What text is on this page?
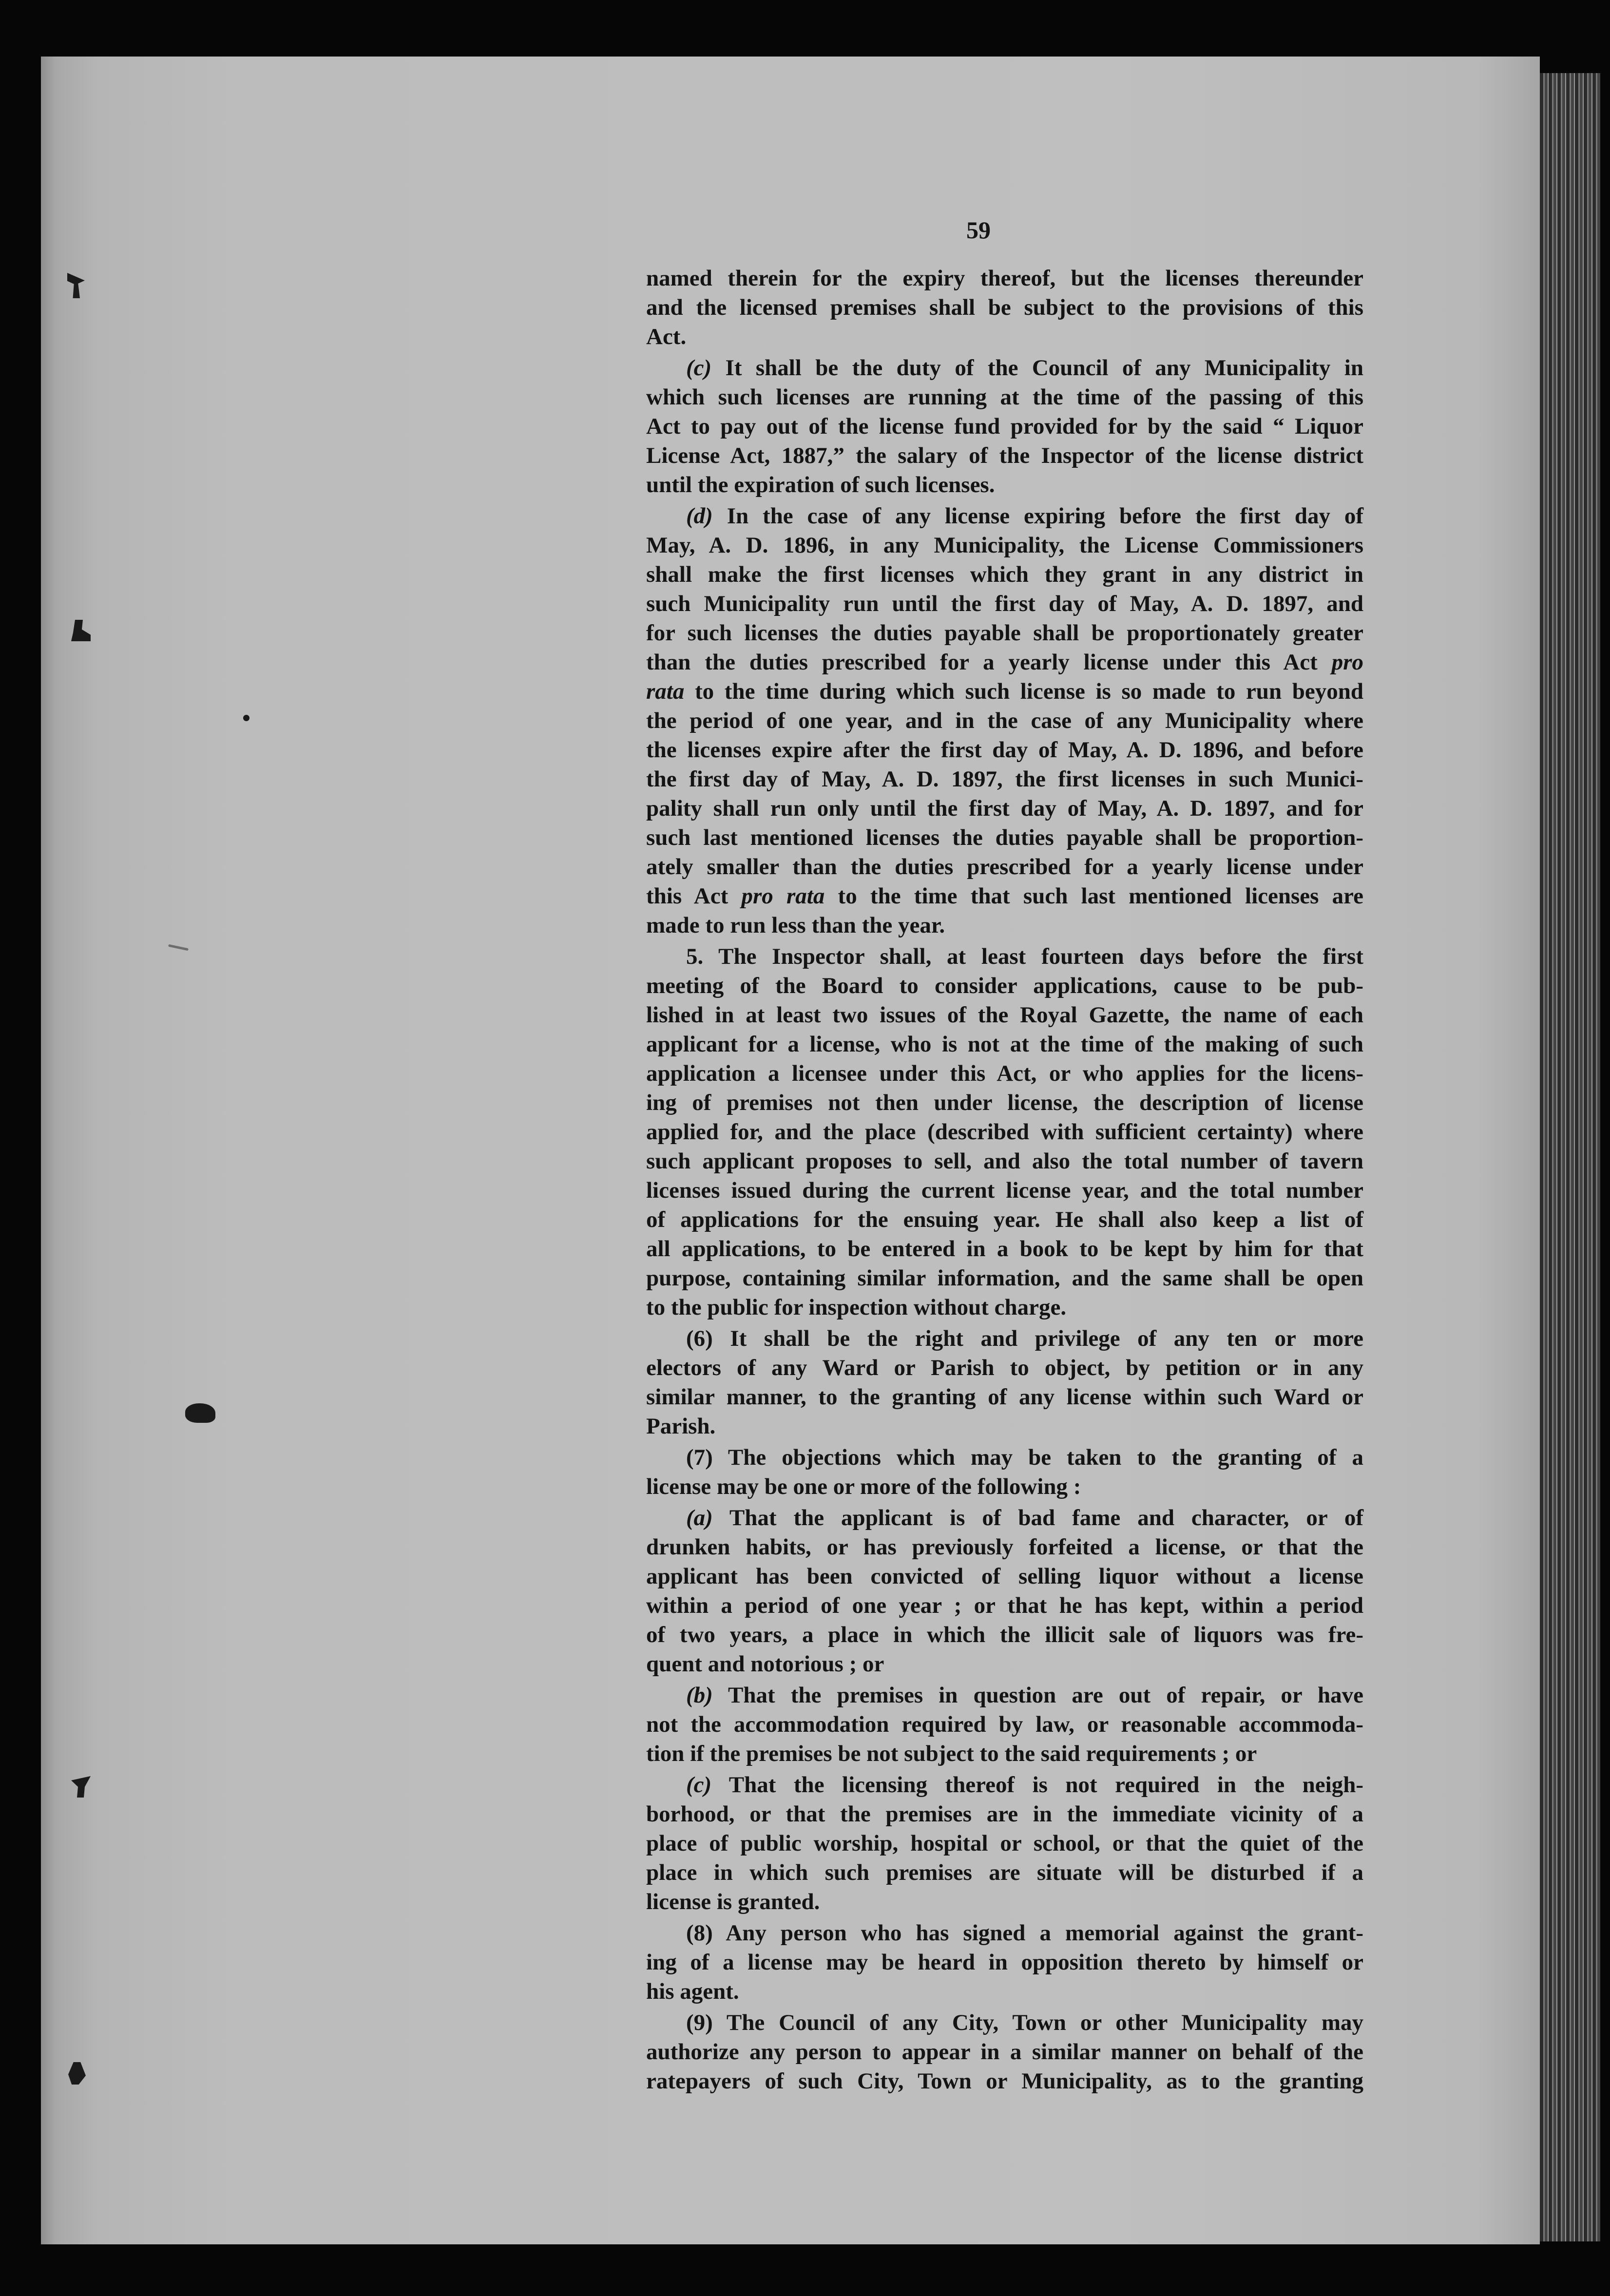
59
named therein for the expiry thereof, but the licenses thereunder
and the licensed premises shall be subject to the provisions of this
Act.
(c) It shall be the duty of the Council of any Municipality in
which such licenses are running at the time of the passing of this
Act to pay out of the license fund provided for by the said “ Liquor
License Act, 1887,” the salary of the Inspector of the license district
until the expiration of such licenses.
(d) In the case of any license expiring before the first day of
May, A. D. 1896, in any Municipality, the License Commissioners
shall make the first licenses which they grant in any district in
such Municipality run until the first day of May, A. D. 1897, and
for such licenses the duties payable shall be proportionately greater
than the duties prescribed for a yearly license under this Act pro
rata to the time during which such license is so made to run beyond
the period of one year, and in the case of any Municipality where
the licenses expire after the first day of May, A. D. 1896, and before
the first day of May, A. D. 1897, the first licenses in such Munici-
pality shall run only until the first day of May, A. D. 1897, and for
such last mentioned licenses the duties payable shall be proportion-
ately smaller than the duties prescribed for a yearly license under
this Act pro rata to the time that such last mentioned licenses are
made to run less than the year.
5. The Inspector shall, at least fourteen days before the first
meeting of the Board to consider applications, cause to be pub-
lished in at least two issues of the Royal Gazette, the name of each
applicant for a license, who is not at the time of the making of such
application a licensee under this Act, or who applies for the licens-
ing of premises not then under license, the description of license
applied for, and the place (described with sufficient certainty) where
such applicant proposes to sell, and also the total number of tavern
licenses issued during the current license year, and the total number
of applications for the ensuing year. He shall also keep a list of
all applications, to be entered in a book to be kept by him for that
purpose, containing similar information, and the same shall be open
to the public for inspection without charge.
(6) It shall be the right and privilege of any ten or more
electors of any Ward or Parish to object, by petition or in any
similar manner, to the granting of any license within such Ward or
Parish.
(7) The objections which may be taken to the granting of a
license may be one or more of the following :
(a) That the applicant is of bad fame and character, or of
drunken habits, or has previously forfeited a license, or that the
applicant has been convicted of selling liquor without a license
within a period of one year ; or that he has kept, within a period
of two years, a place in which the illicit sale of liquors was fre-
quent and notorious ; or
(b) That the premises in question are out of repair, or have
not the accommodation required by law, or reasonable accommoda-
tion if the premises be not subject to the said requirements ; or
(c) That the licensing thereof is not required in the neigh-
borhood, or that the premises are in the immediate vicinity of a
place of public worship, hospital or school, or that the quiet of the
place in which such premises are situate will be disturbed if a
license is granted.
(8) Any person who has signed a memorial against the grant-
ing of a license may be heard in opposition thereto by himself or
his agent.
(9) The Council of any City, Town or other Municipality may
authorize any person to appear in a similar manner on behalf of the
ratepayers of such City, Town or Municipality, as to the granting
